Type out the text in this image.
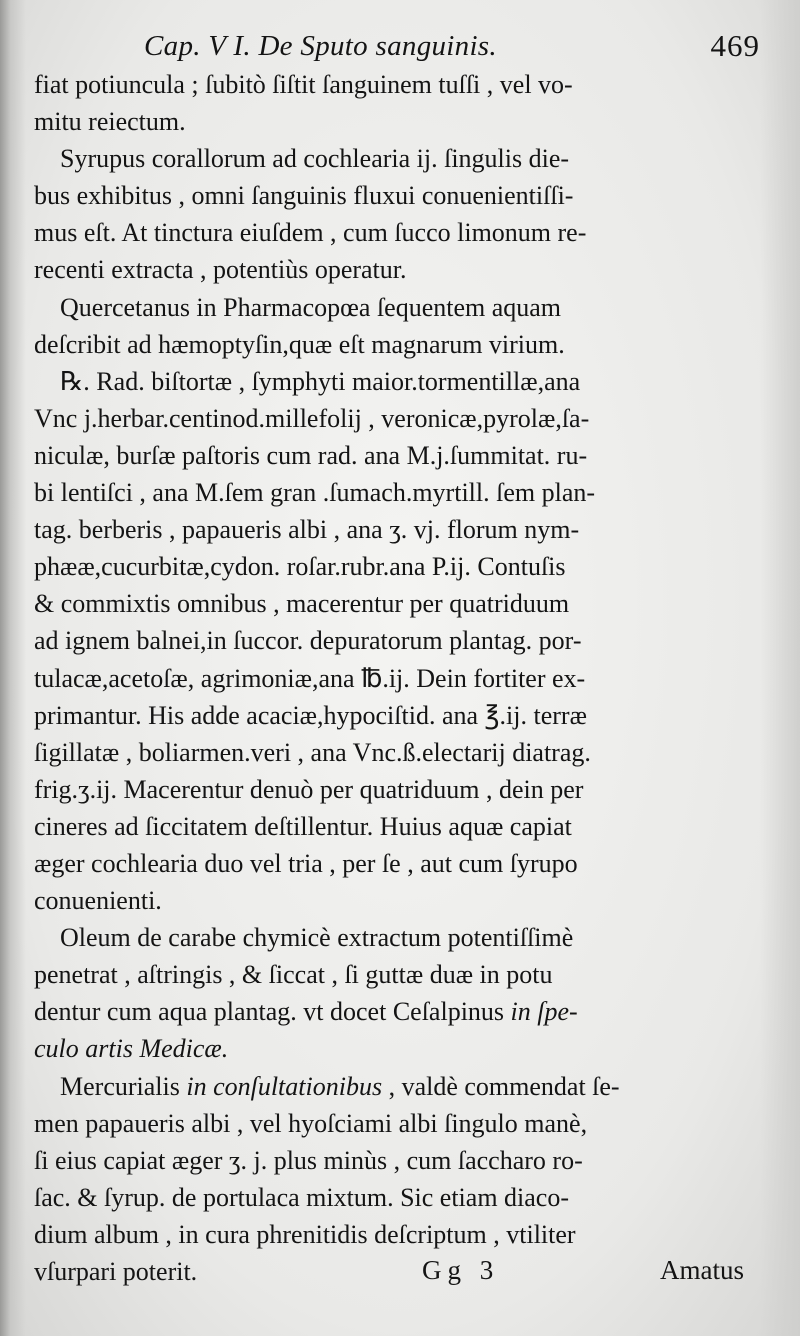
Cap. V I. De Sputo sanguinis.	469
fiat potiuncula ; ſubitò ſiſtit ſanguinem tuſſi , vel vo-
mitu reiectum.
Syrupus corallorum ad cochlearia ij. ſingulis die-
bus exhibitus , omni ſanguinis fluxui conuenientiſſi-
mus eſt. At tinctura eiuſdem , cum ſucco limonum re-
recenti extracta , potentiùs operatur.
Quercetanus in Pharmacopœa ſequentem aquam
deſcribit ad hæmoptyſin,quæ eſt magnarum virium.
℞. Rad. biſtortæ , ſymphyti maior.tormentillæ,ana
Vnc j.herbar.centinod.millefolij , veronicæ,pyrolæ,ſa-
niculæ, burſæ paſtoris cum rad. ana M.j.ſummitat. ru-
bi lentiſci , ana M.ſem gran .ſumach.myrtill. ſem plan-
tag. berberis , papaueris albi , ana ʒ. vj. florum nym-
phææ,cucurbitæ,cydon. roſar.rubr.ana P.ij. Contuſis
& commixtis omnibus , macerentur per quatriduum
ad ignem balnei,in ſuccor. depuratorum plantag. por-
tulacæ,acetoſæ, agrimoniæ,ana ℔.ij. Dein fortiter ex-
primantur. His adde acaciæ,hypociſtid. ana ℥.ij. terræ
ſigillatæ , boliarmen.veri , ana Vnc.ß.electarij diatrag.
frig.ʒ.ij. Macerentur denuò per quatriduum , dein per
cineres ad ſiccitatem deſtillentur. Huius aquæ capiat
æger cochlearia duo vel tria , per ſe , aut cum ſyrupo
conuenienti.
Oleum de carabe chymicè extractum potentiſſimè
penetrat , aſtringis , & ſiccat , ſi guttæ duæ in potu
dentur cum aqua plantag. vt docet Ceſalpinus in ſpe-
culo artis Medicæ.
Mercurialis in conſultationibus , valdè commendat ſe-
men papaueris albi , vel hyoſciami albi ſingulo manè,
ſi eius capiat æger ʒ. j. plus minùs , cum ſaccharo ro-
ſac. & ſyrup. de portulaca mixtum. Sic etiam diaco-
dium album , in cura phrenitidis deſcriptum , vtiliter
vſurpari poterit.	Gg 3	Amatus
